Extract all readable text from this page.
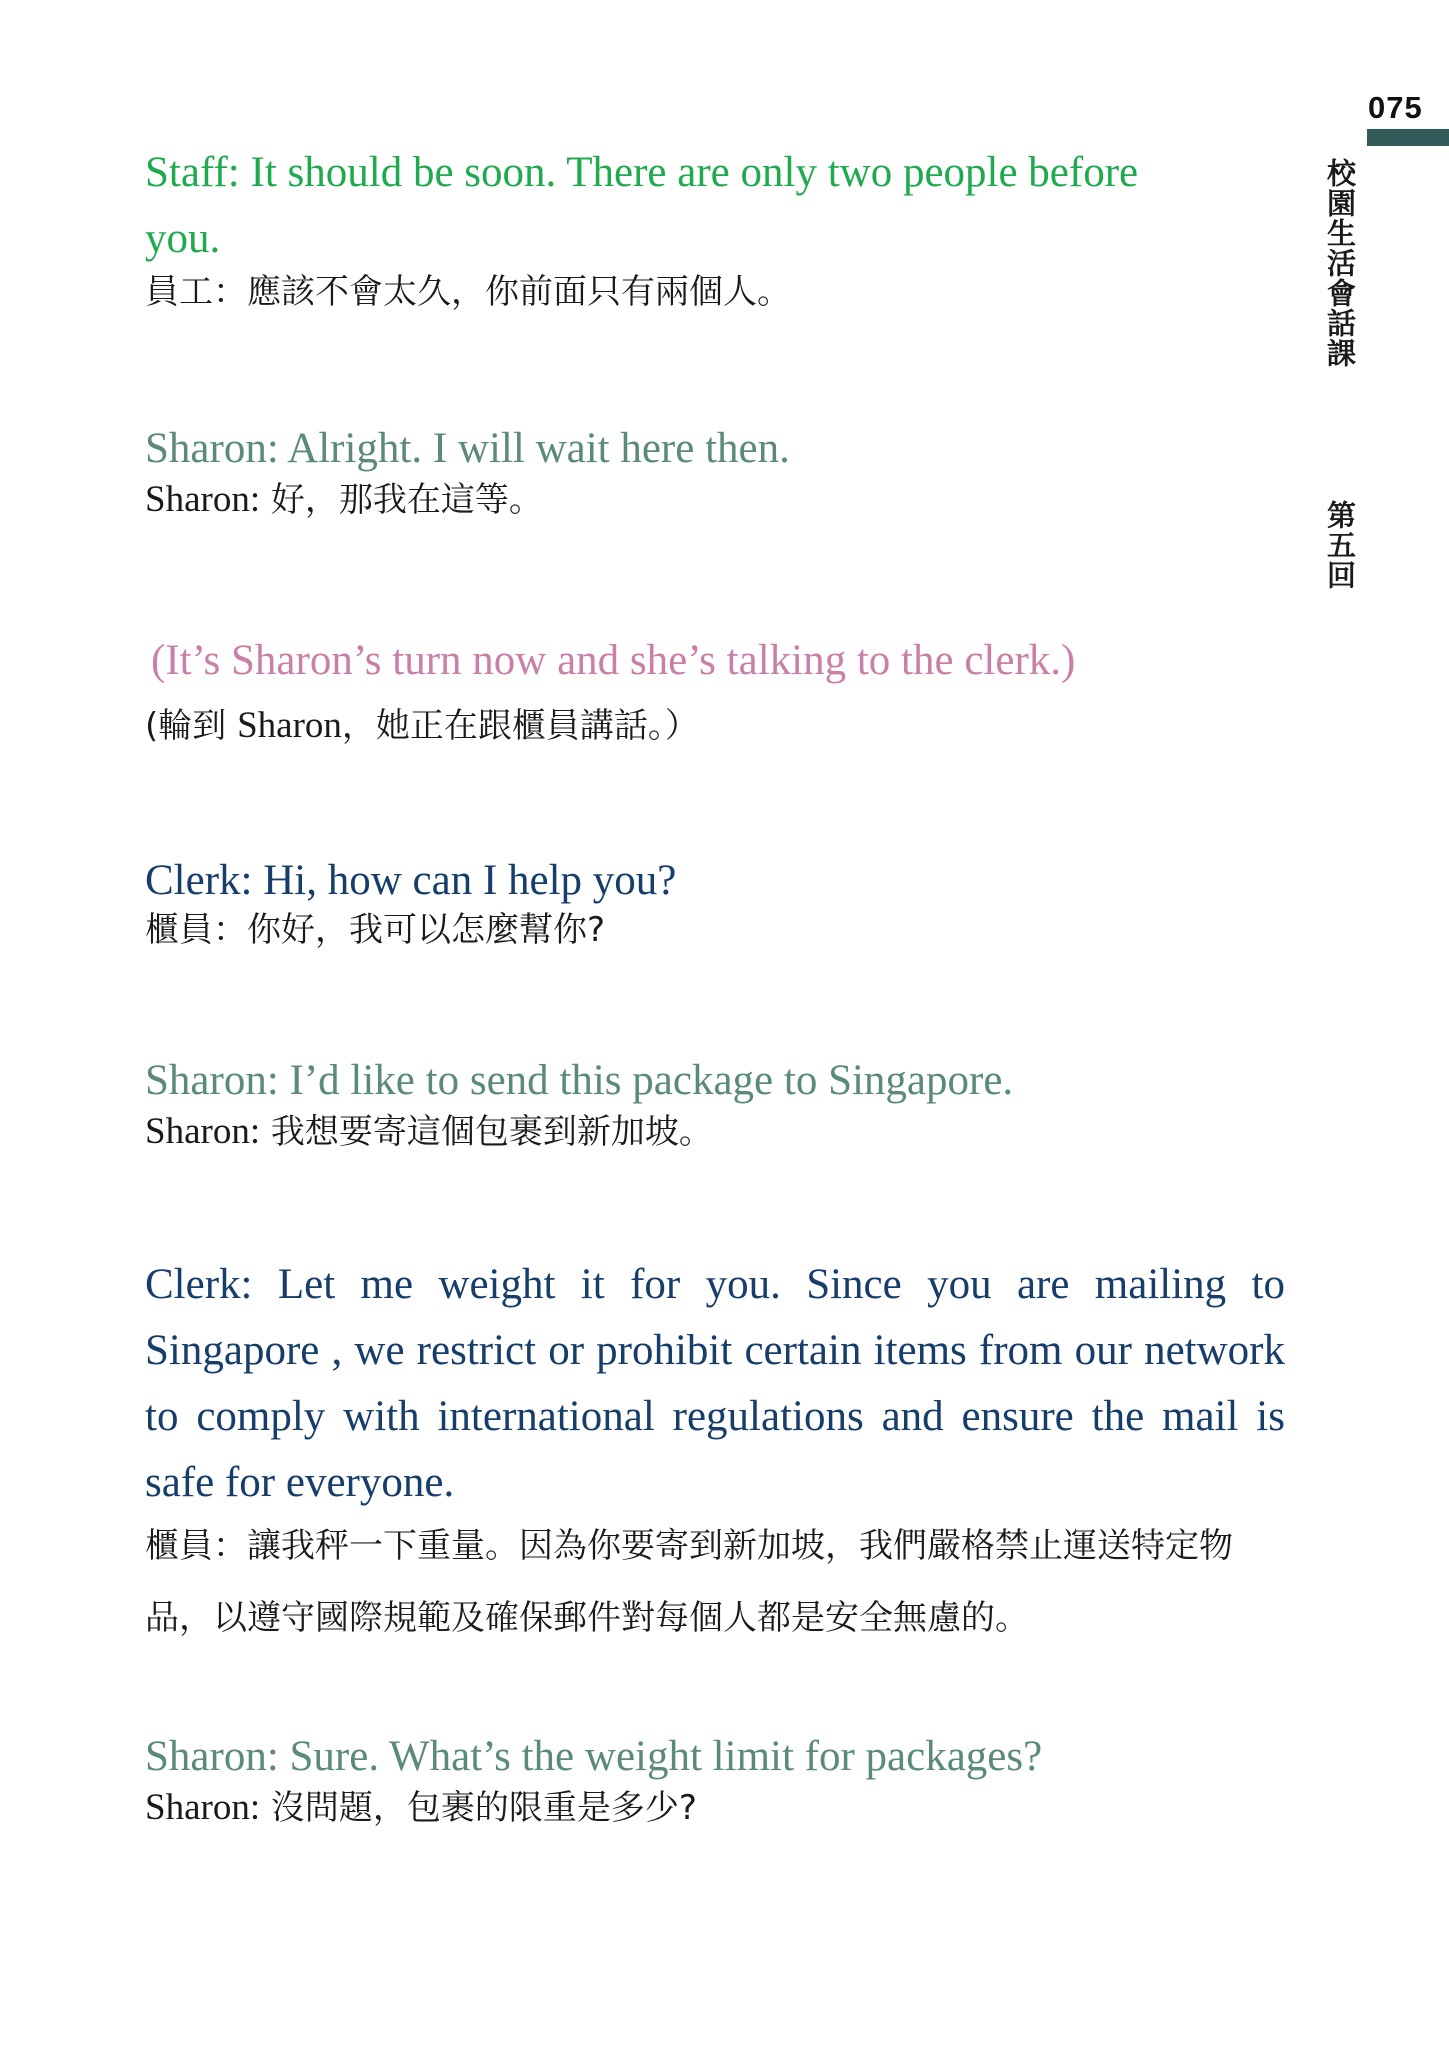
075
校園生活會話課
第五回

Staff: It should be soon. There are only two people before you.

員工：應該不會太久，你前面只有兩個人。

Sharon: Alright. I will wait here then.

Sharon: 好，那我在這等。

(It’s Sharon’s turn now and she’s talking to the clerk.)

(輪到 Sharon，她正在跟櫃員講話。）

Clerk: Hi, how can I help you?

櫃員：你好，我可以怎麼幫你?

Sharon: I’d like to send this package to Singapore.

Sharon: 我想要寄這個包裹到新加坡。

Clerk: Let me weight it for you. Since you are mailing to Singapore , we restrict or prohibit certain items from our network to comply with international regulations and ensure the mail is safe for everyone.

櫃員：讓我秤一下重量。因為你要寄到新加坡，我們嚴格禁止運送特定物品，以遵守國際規範及確保郵件對每個人都是安全無慮的。

Sharon: Sure. What’s the weight limit for packages?

Sharon: 沒問題，包裹的限重是多少?
